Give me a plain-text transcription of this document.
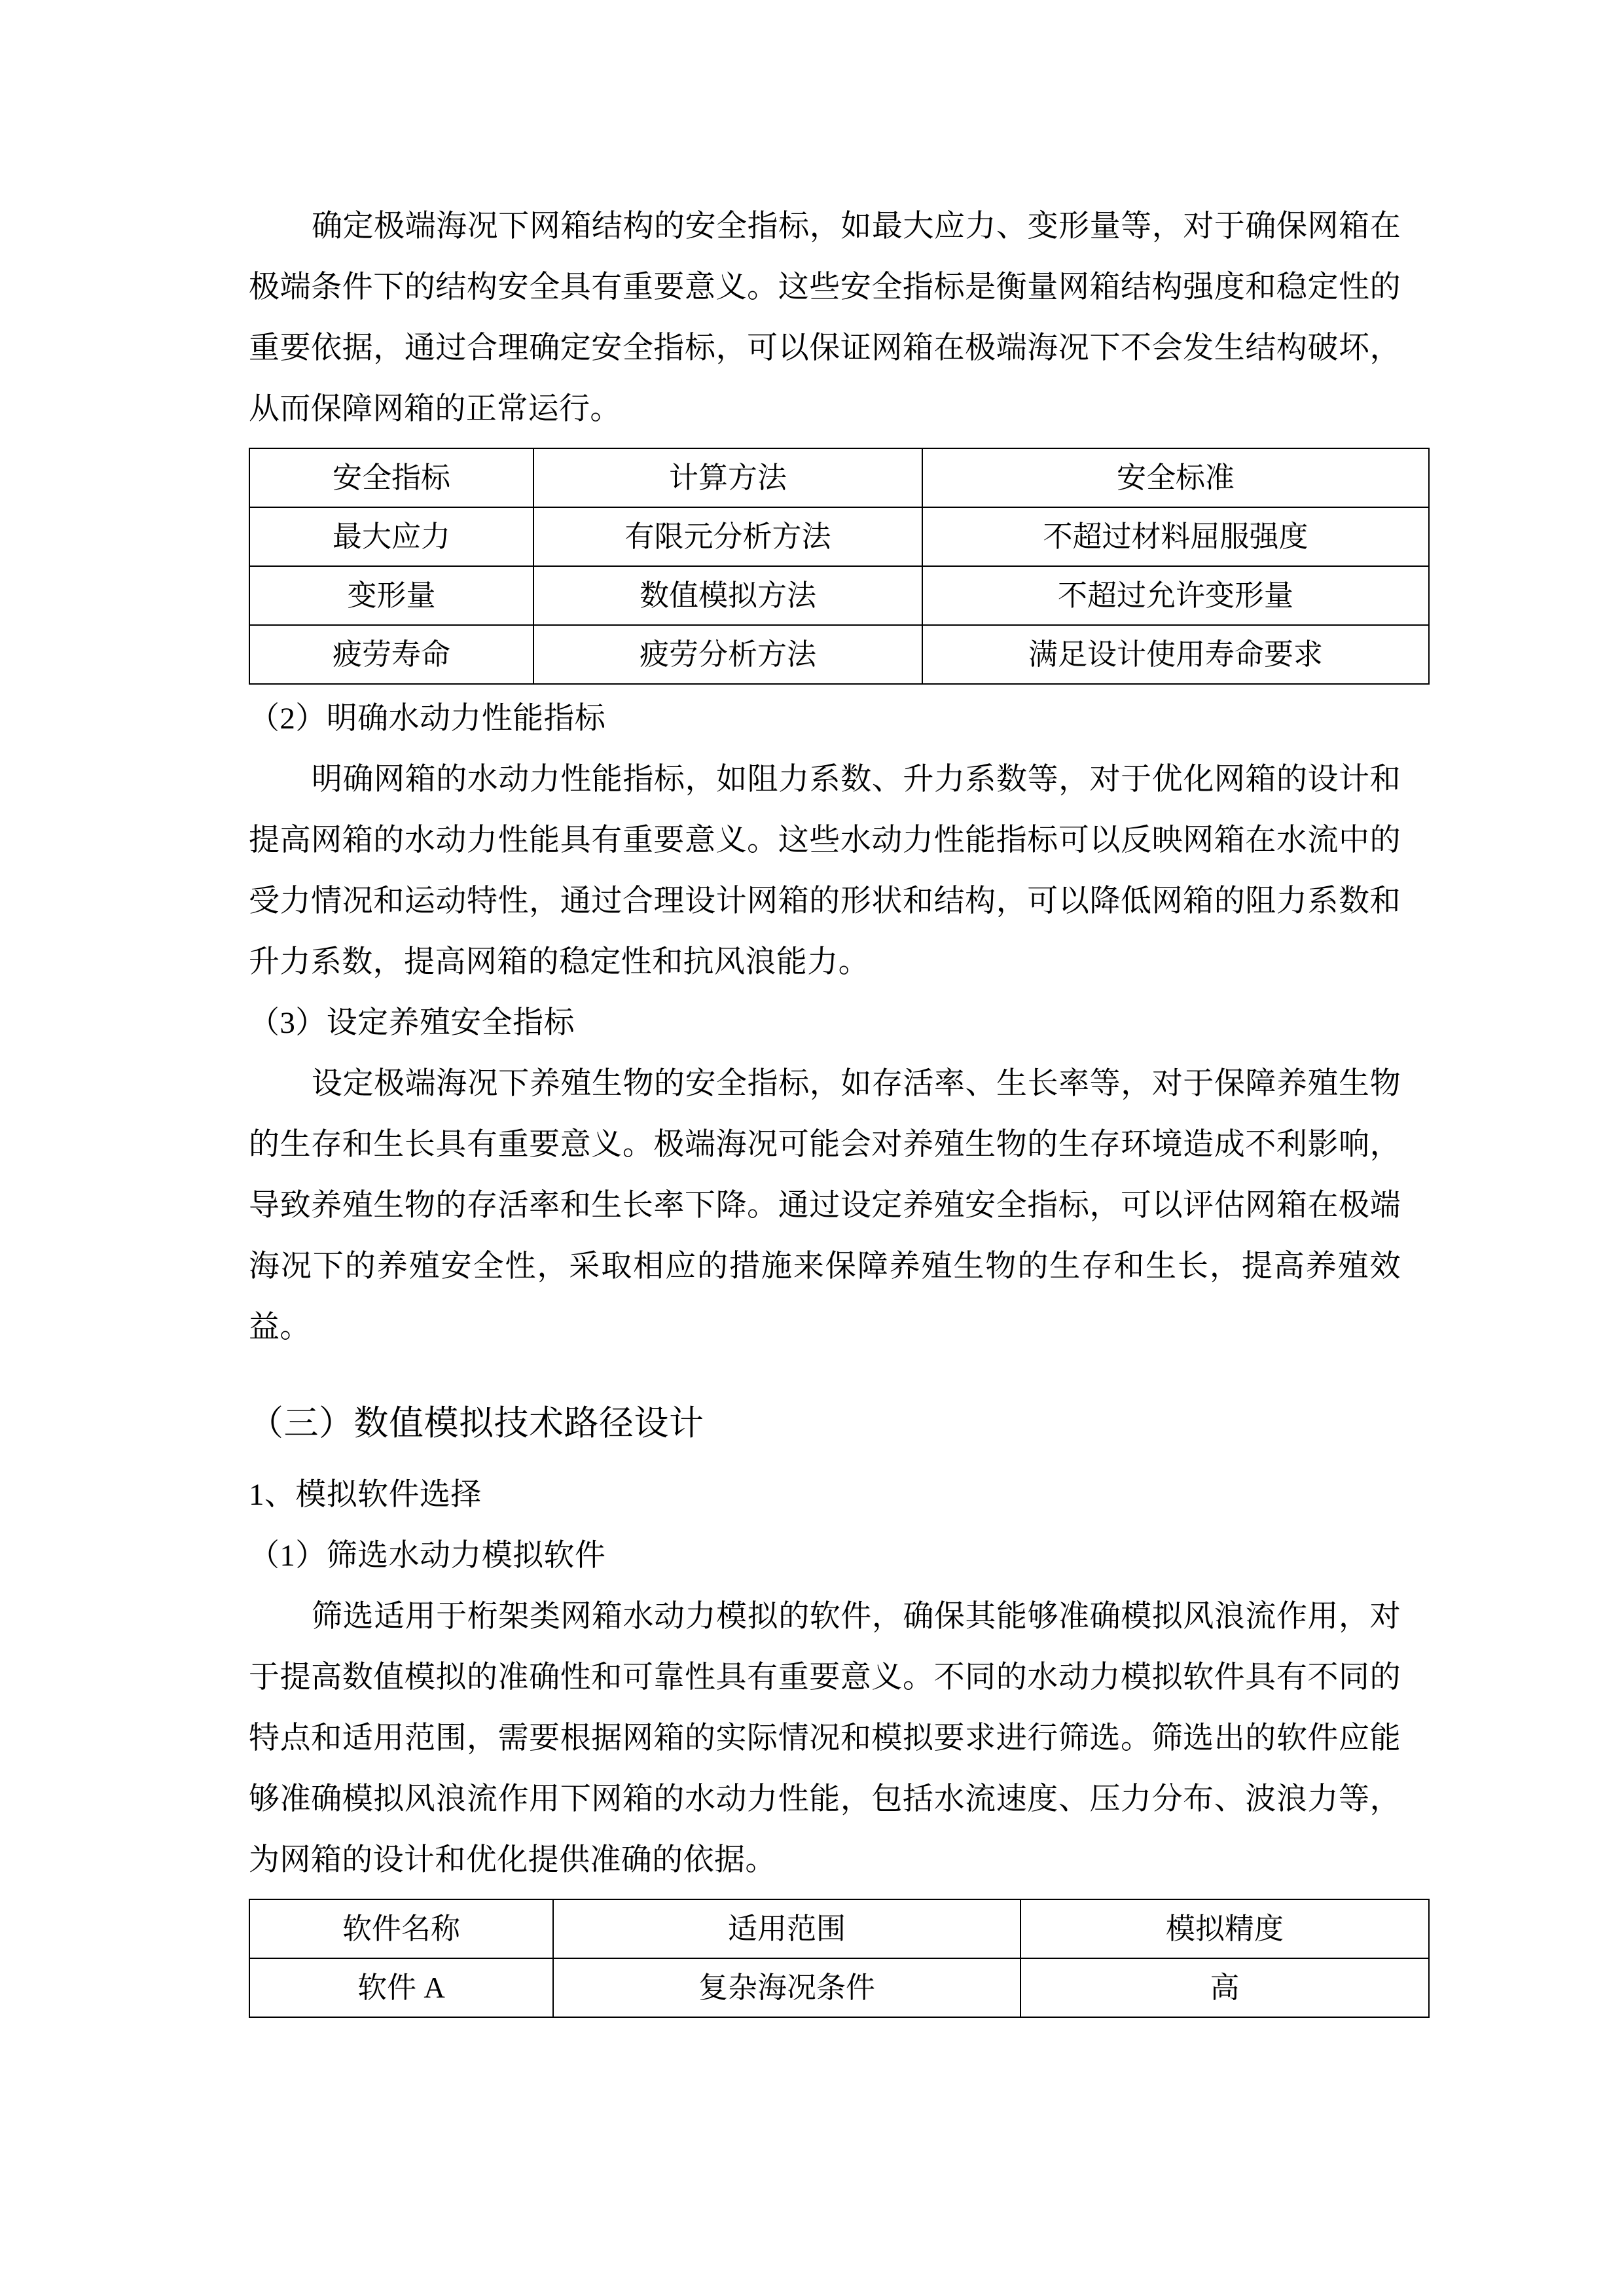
确定极端海况下网箱结构的安全指标，如最大应力、变形量等，对于确保网箱在极端条件下的结构安全具有重要意义。这些安全指标是衡量网箱结构强度和稳定性的重要依据，通过合理确定安全指标，可以保证网箱在极端海况下不会发生结构破坏，从而保障网箱的正常运行。

安全指标	计算方法	安全标准
最大应力	有限元分析方法	不超过材料屈服强度
变形量	数值模拟方法	不超过允许变形量
疲劳寿命	疲劳分析方法	满足设计使用寿命要求

（2）明确水动力性能指标

明确网箱的水动力性能指标，如阻力系数、升力系数等，对于优化网箱的设计和提高网箱的水动力性能具有重要意义。这些水动力性能指标可以反映网箱在水流中的受力情况和运动特性，通过合理设计网箱的形状和结构，可以降低网箱的阻力系数和升力系数，提高网箱的稳定性和抗风浪能力。

（3）设定养殖安全指标

设定极端海况下养殖生物的安全指标，如存活率、生长率等，对于保障养殖生物的生存和生长具有重要意义。极端海况可能会对养殖生物的生存环境造成不利影响，导致养殖生物的存活率和生长率下降。通过设定养殖安全指标，可以评估网箱在极端海况下的养殖安全性，采取相应的措施来保障养殖生物的生存和生长，提高养殖效益。

（三）数值模拟技术路径设计

1、模拟软件选择

（1）筛选水动力模拟软件

筛选适用于桁架类网箱水动力模拟的软件，确保其能够准确模拟风浪流作用，对于提高数值模拟的准确性和可靠性具有重要意义。不同的水动力模拟软件具有不同的特点和适用范围，需要根据网箱的实际情况和模拟要求进行筛选。筛选出的软件应能够准确模拟风浪流作用下网箱的水动力性能，包括水流速度、压力分布、波浪力等，为网箱的设计和优化提供准确的依据。

软件名称	适用范围	模拟精度
软件 A	复杂海况条件	高
